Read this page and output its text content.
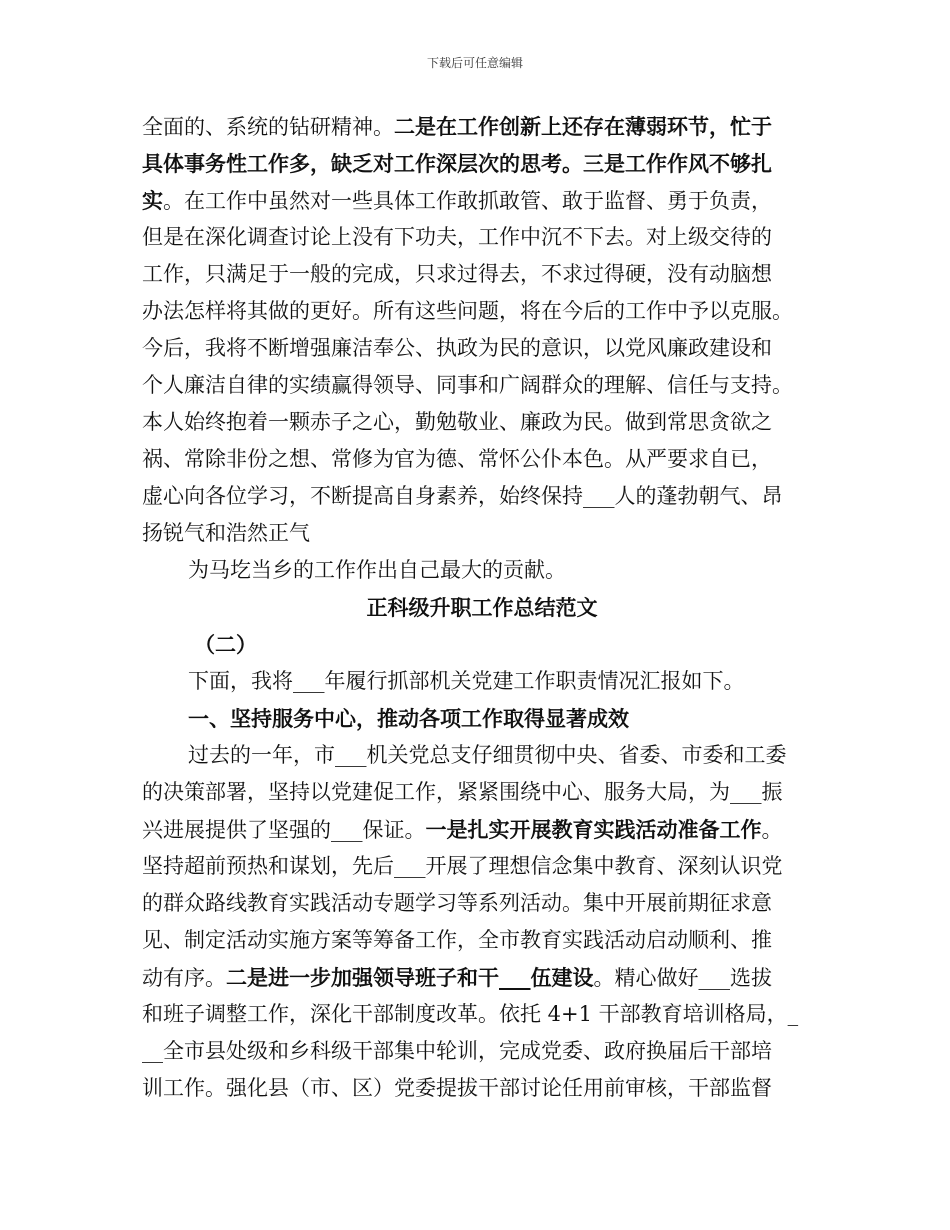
下载后可任意编辑
全面的、系统的钻研精神。二是在工作创新上还存在薄弱环节，忙于
具体事务性工作多，缺乏对工作深层次的思考。三是工作作风不够扎
实。在工作中虽然对一些具体工作敢抓敢管、敢于监督、勇于负责，
但是在深化调查讨论上没有下功夫，工作中沉不下去。对上级交待的
工作，只满足于一般的完成，只求过得去，不求过得硬，没有动脑想
办法怎样将其做的更好。所有这些问题，将在今后的工作中予以克服。
今后，我将不断增强廉洁奉公、执政为民的意识，以党风廉政建设和
个人廉洁自律的实绩赢得领导、同事和广阔群众的理解、信任与支持。
本人始终抱着一颗赤子之心，勤勉敬业、廉政为民。做到常思贪欲之
祸、常除非份之想、常修为官为德、常怀公仆本色。从严要求自已，
虚心向各位学习，不断提高自身素养，始终保持___人的蓬勃朝气、昂
扬锐气和浩然正气
为马圪当乡的工作作出自己最大的贡献。
正科级升职工作总结范文
（二）
下面，我将___年履行抓部机关党建工作职责情况汇报如下。
一、坚持服务中心，推动各项工作取得显著成效
过去的一年，市___机关党总支仔细贯彻中央、省委、市委和工委
的决策部署，坚持以党建促工作，紧紧围绕中心、服务大局，为___振
兴进展提供了坚强的___保证。一是扎实开展教育实践活动准备工作。
坚持超前预热和谋划，先后___开展了理想信念集中教育、深刻认识党
的群众路线教育实践活动专题学习等系列活动。集中开展前期征求意
见、制定活动实施方案等筹备工作，全市教育实践活动启动顺利、推
动有序。二是进一步加强领导班子和干___伍建设。精心做好___选拔
和班子调整工作，深化干部制度改革。依托 4+1 干部教育培训格局，_
__全市县处级和乡科级干部集中轮训，完成党委、政府换届后干部培
训工作。强化县（市、区）党委提拔干部讨论任用前审核，干部监督
